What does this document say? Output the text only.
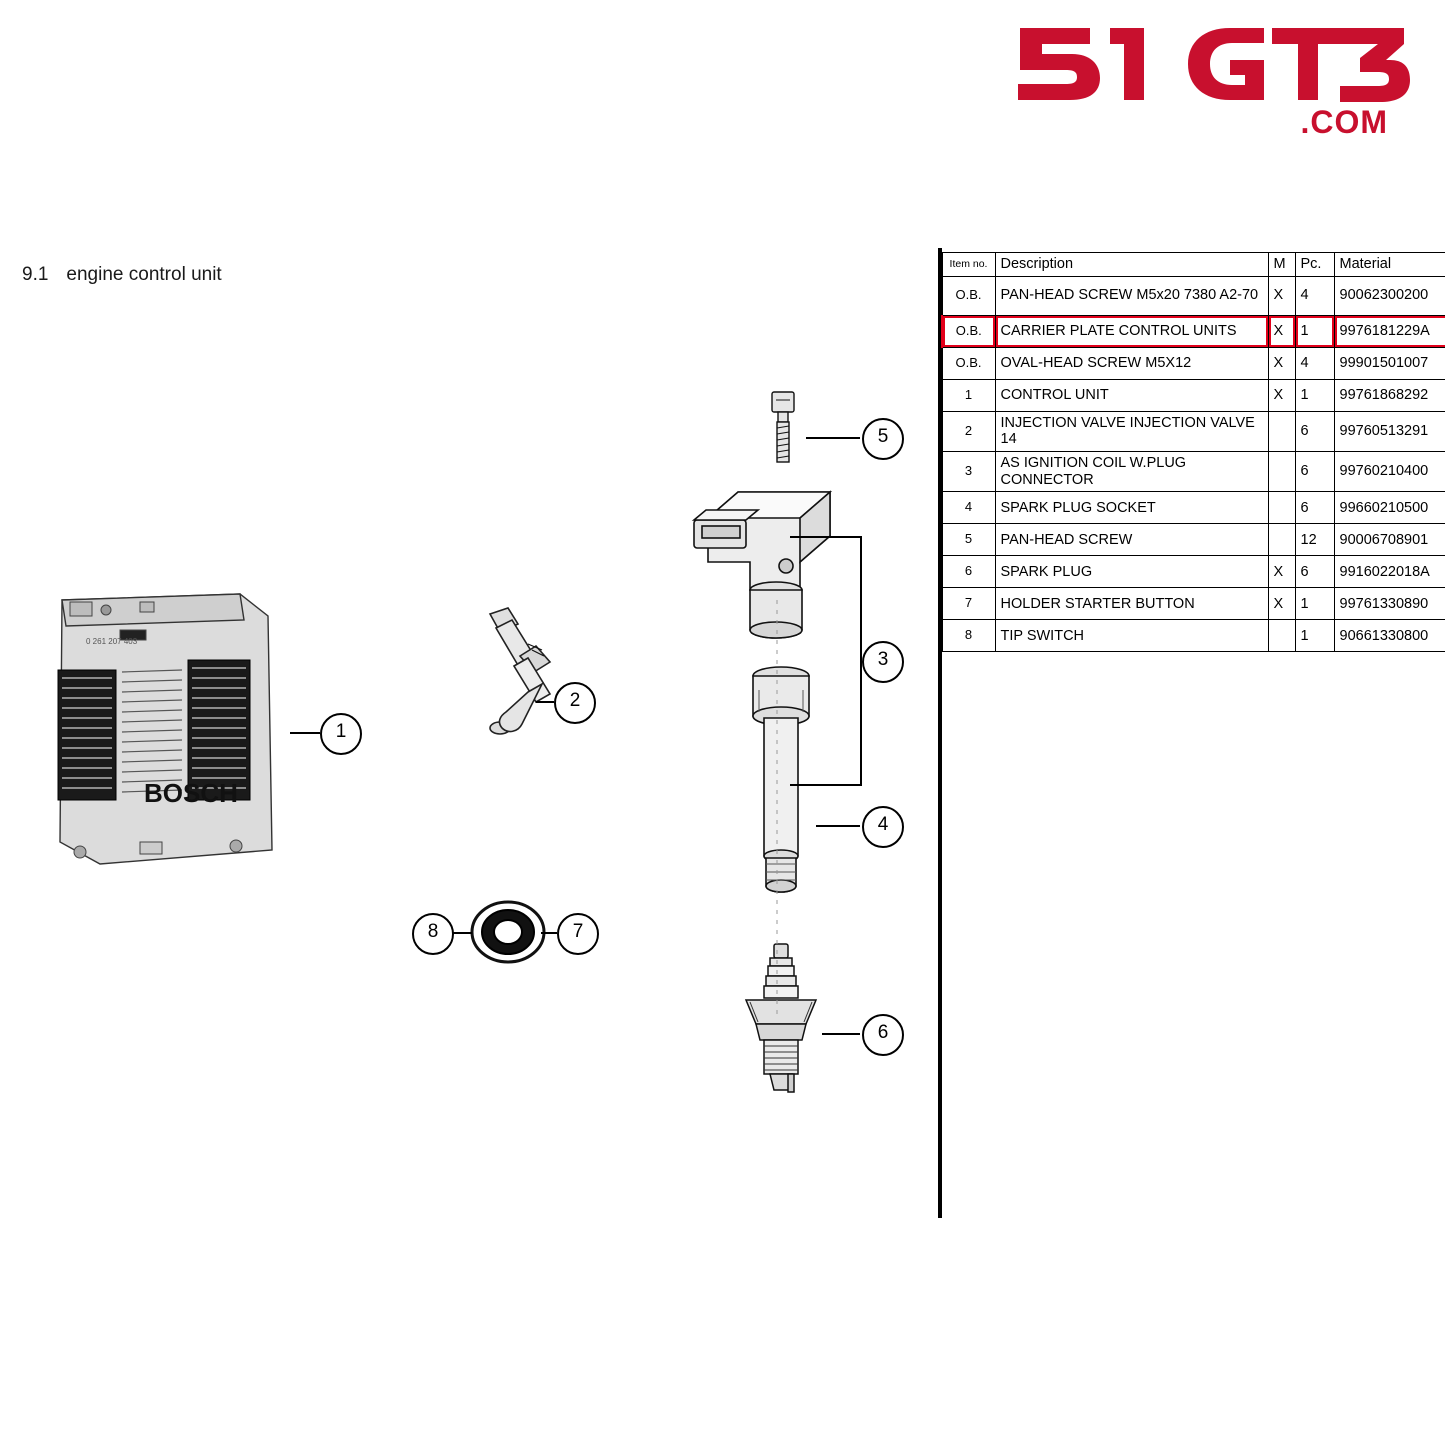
.COM
9.1 engine control unit
BOSCH
0 261 207 403
1
2
3
4
5
6
7
8
Item no.	Description	M	Pc.	Material
O.B.	PAN-HEAD SCREW M5x20 7380 A2-70	X	4	90062300200
O.B.	CARRIER PLATE CONTROL UNITS	X	1	9976181229A
O.B.	OVAL-HEAD SCREW M5X12	X	4	99901501007
1	CONTROL UNIT	X	1	99761868292
2	INJECTION VALVE INJECTION VALVE 14		6	99760513291
3	AS IGNITION COIL W.PLUG CONNECTOR		6	99760210400
4	SPARK PLUG SOCKET		6	99660210500
5	PAN-HEAD SCREW		12	90006708901
6	SPARK PLUG	X	6	9916022018A
7	HOLDER STARTER BUTTON	X	1	99761330890
8	TIP SWITCH		1	90661330800
